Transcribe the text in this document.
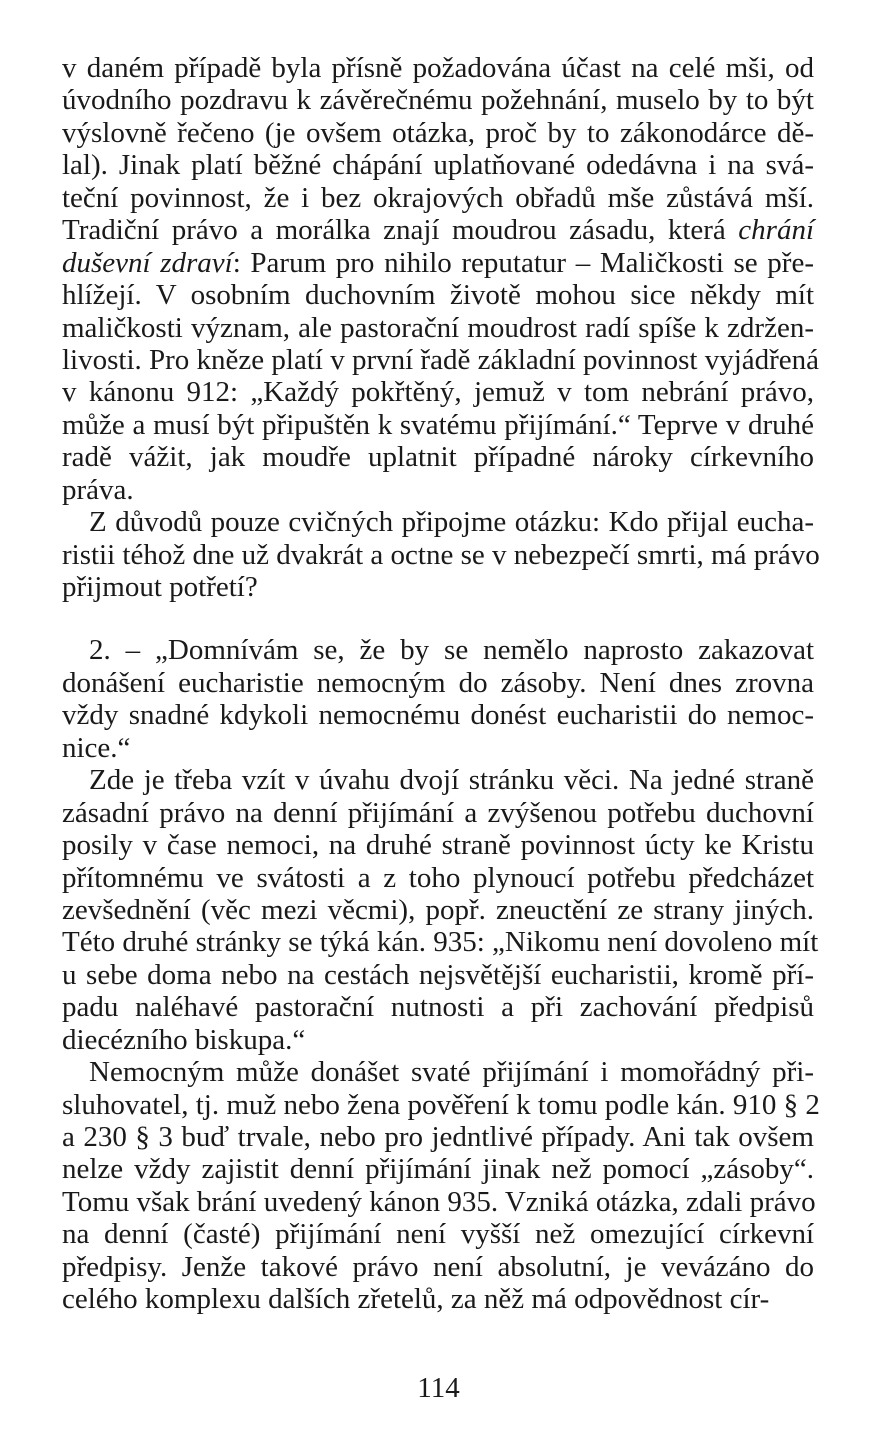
v daném případě byla přísně požadována účast na celé mši, od
úvodního pozdravu k závěrečnému požehnání, muselo by to být
výslovně řečeno (je ovšem otázka, proč by to zákonodárce dě-
lal). Jinak platí běžné chápání uplatňované odedávna i na svá-
teční povinnost, že i bez okrajových obřadů mše zůstává mší.
Tradiční právo a morálka znají moudrou zásadu, která chrání
duševní zdraví: Parum pro nihilo reputatur – Maličkosti se pře-
hlížejí. V osobním duchovním životě mohou sice někdy mít
maličkosti význam, ale pastorační moudrost radí spíše k zdržen-
livosti. Pro kněze platí v první řadě základní povinnost vyjádřená
v kánonu 912: „Každý pokřtěný, jemuž v tom nebrání právo,
může a musí být připuštěn k svatému přijímání.“ Teprve v druhé
radě vážit, jak moudře uplatnit případné nároky církevního
práva.
Z důvodů pouze cvičných připojme otázku: Kdo přijal eucha-
ristii téhož dne už dvakrát a octne se v nebezpečí smrti, má právo
přijmout potřetí?
2. – „Domnívám se, že by se nemělo naprosto zakazovat
donášení eucharistie nemocným do zásoby. Není dnes zrovna
vždy snadné kdykoli nemocnému donést eucharistii do nemoc-
nice.“
Zde je třeba vzít v úvahu dvojí stránku věci. Na jedné straně
zásadní právo na denní přijímání a zvýšenou potřebu duchovní
posily v čase nemoci, na druhé straně povinnost úcty ke Kristu
přítomnému ve svátosti a z toho plynoucí potřebu předcházet
zevšednění (věc mezi věcmi), popř. zneuctění ze strany jiných.
Této druhé stránky se týká kán. 935: „Nikomu není dovoleno mít
u sebe doma nebo na cestách nejsvětější eucharistii, kromě pří-
padu naléhavé pastorační nutnosti a při zachování předpisů
diecézního biskupa.“
Nemocným může donášet svaté přijímání i momořádný při-
sluhovatel, tj. muž nebo žena pověření k tomu podle kán. 910 § 2
a 230 § 3 buď trvale, nebo pro jedntlivé případy. Ani tak ovšem
nelze vždy zajistit denní přijímání jinak než pomocí „zásoby“.
Tomu však brání uvedený kánon 935. Vzniká otázka, zdali právo
na denní (časté) přijímání není vyšší než omezující církevní
předpisy. Jenže takové právo není absolutní, je vevázáno do
celého komplexu dalších zřetelů, za něž má odpovědnost cír-
114
